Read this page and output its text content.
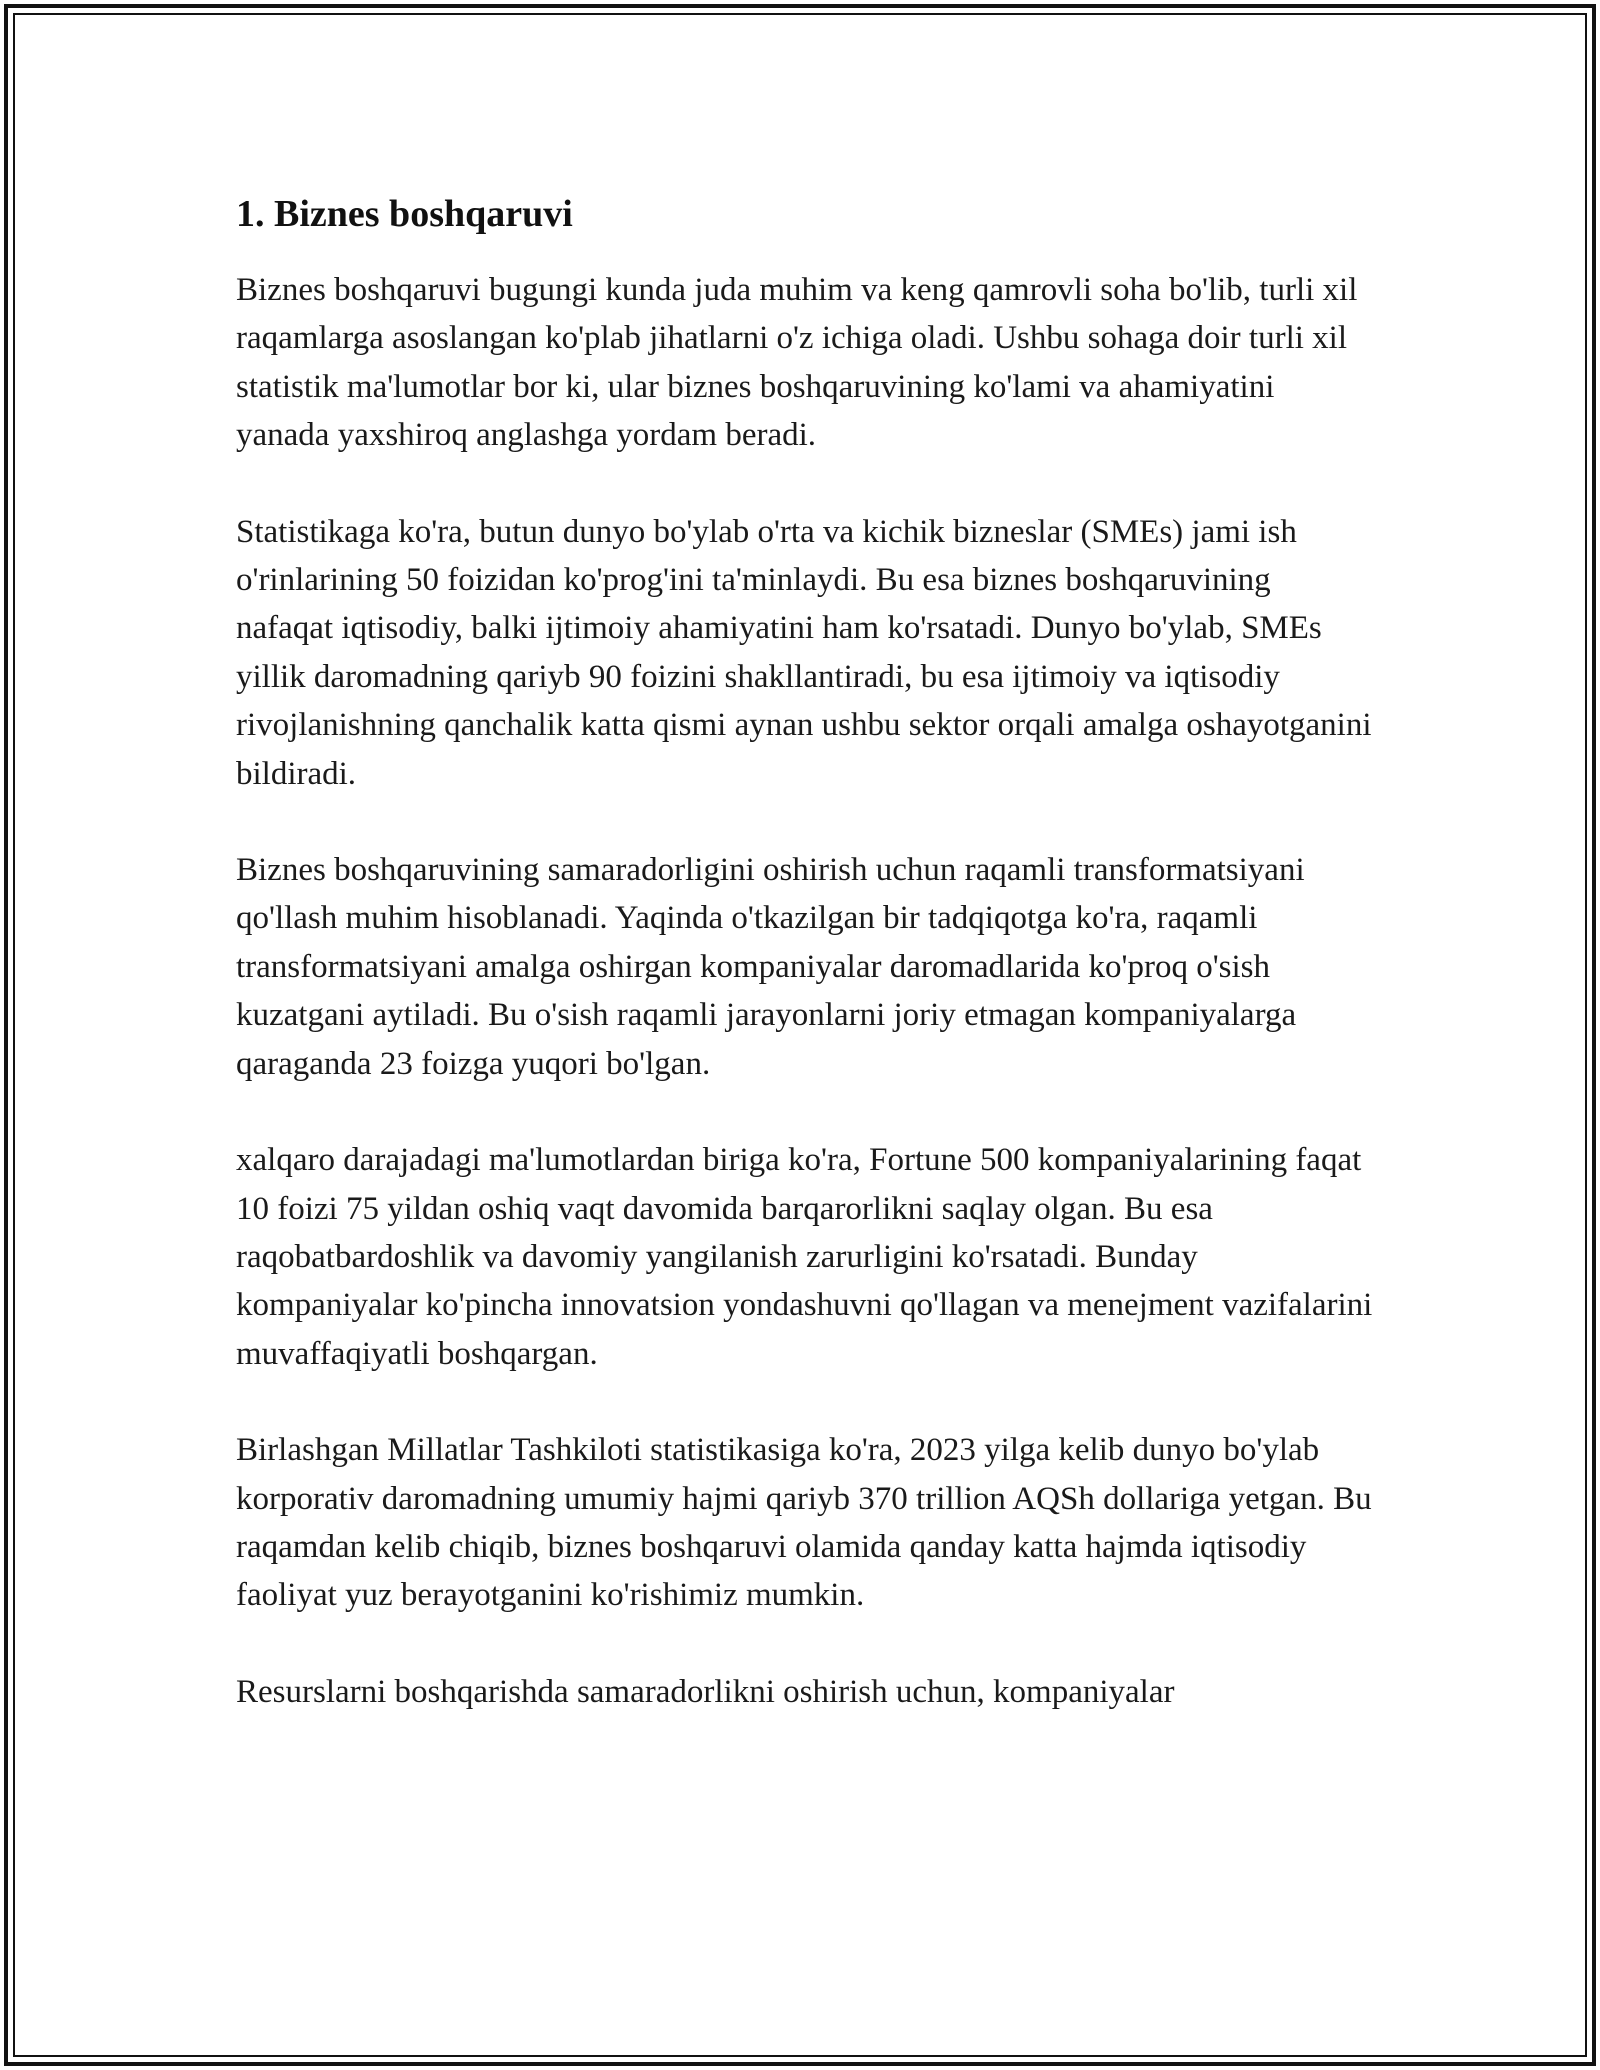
1. Biznes boshqaruvi

Biznes boshqaruvi bugungi kunda juda muhim va keng qamrovli soha bo'lib, turli xil raqamlarga asoslangan ko'plab jihatlarni o'z ichiga oladi. Ushbu sohaga doir turli xil statistik ma'lumotlar bor ki, ular biznes boshqaruvining ko'lami va ahamiyatini yanada yaxshiroq anglashga yordam beradi.

Statistikaga ko'ra, butun dunyo bo'ylab o'rta va kichik bizneslar (SMEs) jami ish o'rinlarining 50 foizidan ko'prog'ini ta'minlaydi. Bu esa biznes boshqaruvining nafaqat iqtisodiy, balki ijtimoiy ahamiyatini ham ko'rsatadi. Dunyo bo'ylab, SMEs yillik daromadning qariyb 90 foizini shakllantiradi, bu esa ijtimoiy va iqtisodiy rivojlanishning qanchalik katta qismi aynan ushbu sektor orqali amalga oshayotganini bildiradi.

Biznes boshqaruvining samaradorligini oshirish uchun raqamli transformatsiyani qo'llash muhim hisoblanadi. Yaqinda o'tkazilgan bir tadqiqotga ko'ra, raqamli transformatsiyani amalga oshirgan kompaniyalar daromadlarida ko'proq o'sish kuzatgani aytiladi. Bu o'sish raqamli jarayonlarni joriy etmagan kompaniyalarga qaraganda 23 foizga yuqori bo'lgan.

xalqaro darajadagi ma'lumotlardan biriga ko'ra, Fortune 500 kompaniyalarining faqat 10 foizi 75 yildan oshiq vaqt davomida barqarorlikni saqlay olgan. Bu esa raqobatbardoshlik va davomiy yangilanish zarurligini ko'rsatadi. Bunday kompaniyalar ko'pincha innovatsion yondashuvni qo'llagan va menejment vazifalarini muvaffaqiyatli boshqargan.

Birlashgan Millatlar Tashkiloti statistikasiga ko'ra, 2023 yilga kelib dunyo bo'ylab korporativ daromadning umumiy hajmi qariyb 370 trillion AQSh dollariga yetgan. Bu raqamdan kelib chiqib, biznes boshqaruvi olamida qanday katta hajmda iqtisodiy faoliyat yuz berayotganini ko'rishimiz mumkin.

Resurslarni boshqarishda samaradorlikni oshirish uchun, kompaniyalar
